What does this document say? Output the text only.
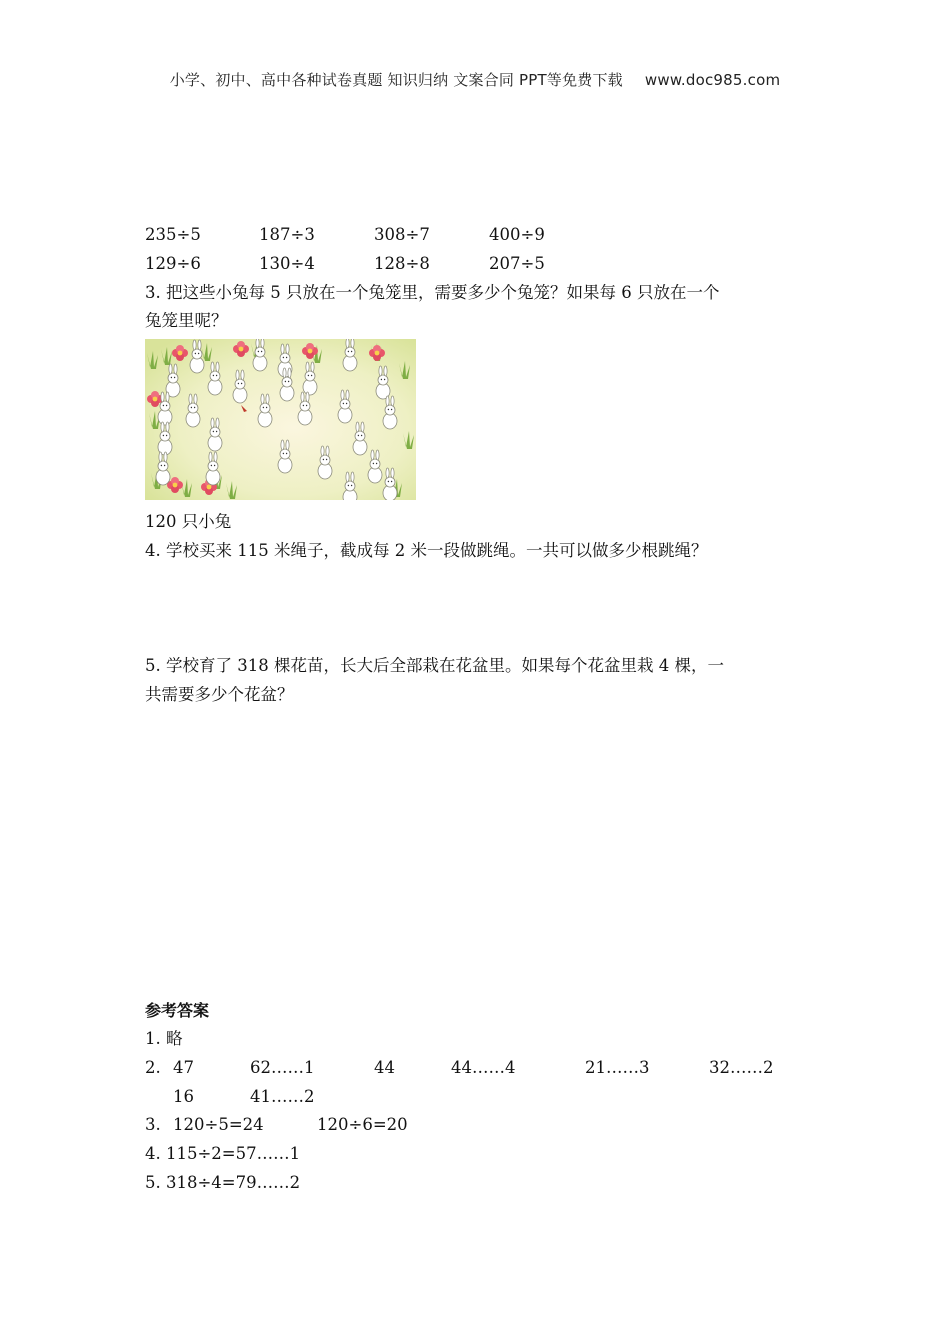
小学、初中、高中各种试卷真题 知识归纳 文案合同 PPT等免费下载 www.doc985.com
235÷5	187÷3	308÷7	400÷9
129÷6	130÷4	128÷8	207÷5
3. 把这些小兔每 5 只放在一个兔笼里，需要多少个兔笼？如果每 6 只放在一个
兔笼里呢？
120 只小兔
4. 学校买来 115 米绳子，截成每 2 米一段做跳绳。一共可以做多少根跳绳？
5. 学校育了 318 棵花苗，长大后全部栽在花盆里。如果每个花盆里栽 4 棵，一
共需要多少个花盆？
参考答案
1. 略
2. 47	62……1	44	44……4	21……3	32……2
16	41……2
3. 120÷5=24	120÷6=20
4. 115÷2=57……1
5. 318÷4=79……2
